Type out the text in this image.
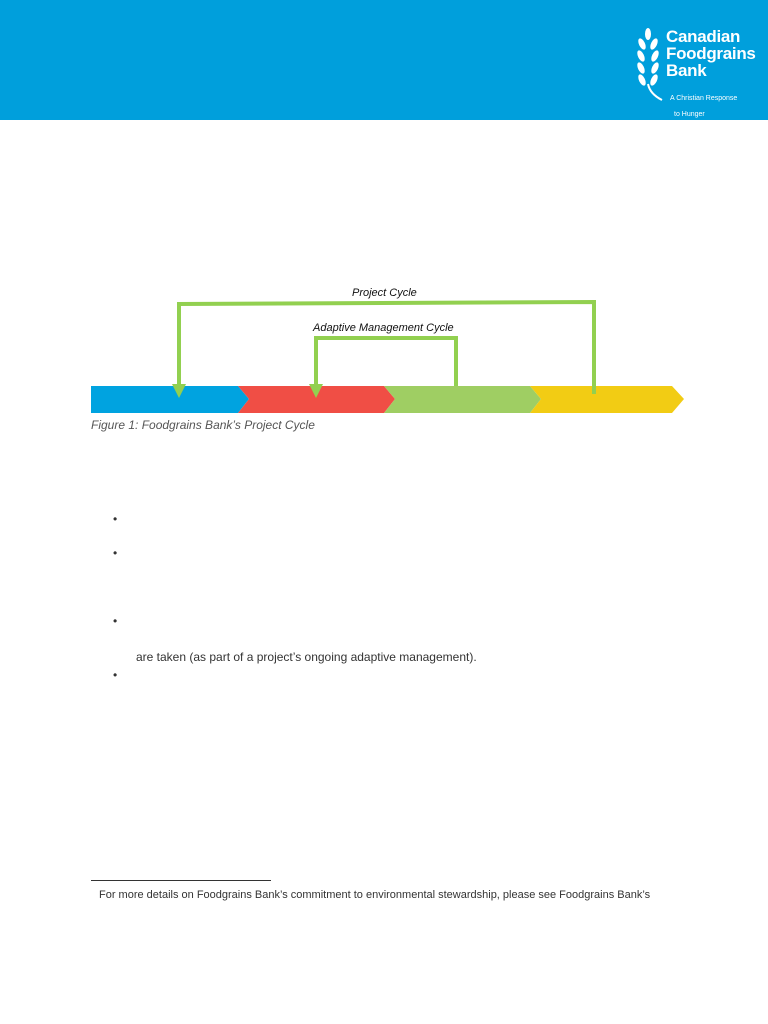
Canadian
Foodgrains
Bank

A Christian Response

to Hunger

Project Cycle
Adaptive Management Cycle
Figure 1: Foodgrains Bank’s Project Cycle
•
•
•
are taken (as part of a project’s ongoing adaptive management).
•
For more details on Foodgrains Bank’s commitment to environmental stewardship, please see Foodgrains Bank’s
